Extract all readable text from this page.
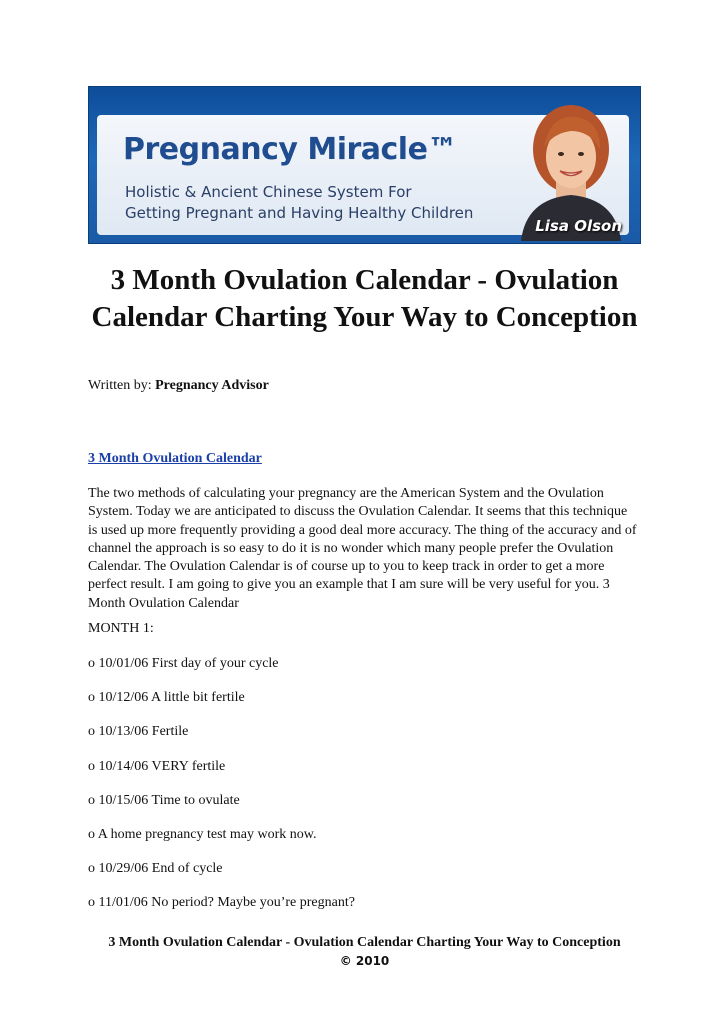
Pregnancy Miracle™
Holistic & Ancient Chinese System For
Getting Pregnant and Having Healthy Children
Lisa Olson
3 Month Ovulation Calendar - Ovulation Calendar Charting Your Way to Conception

Written by: Pregnancy Advisor

3 Month Ovulation Calendar

The two methods of calculating your pregnancy are the American System and the Ovulation System. Today we are anticipated to discuss the Ovulation Calendar. It seems that this technique is used up more frequently providing a good deal more accuracy. The thing of the accuracy and of channel the approach is so easy to do it is no wonder which many people prefer the Ovulation Calendar. The Ovulation Calendar is of course up to you to keep track in order to get a more perfect result. I am going to give you an example that I am sure will be very useful for you. 3 Month Ovulation Calendar

MONTH 1:

o 10/01/06 First day of your cycle
o 10/12/06 A little bit fertile
o 10/13/06 Fertile
o 10/14/06 VERY fertile
o 10/15/06 Time to ovulate
o A home pregnancy test may work now.
o 10/29/06 End of cycle
o 11/01/06 No period? Maybe you’re pregnant?
3 Month Ovulation Calendar - Ovulation Calendar Charting Your Way to Conception
© 2010
